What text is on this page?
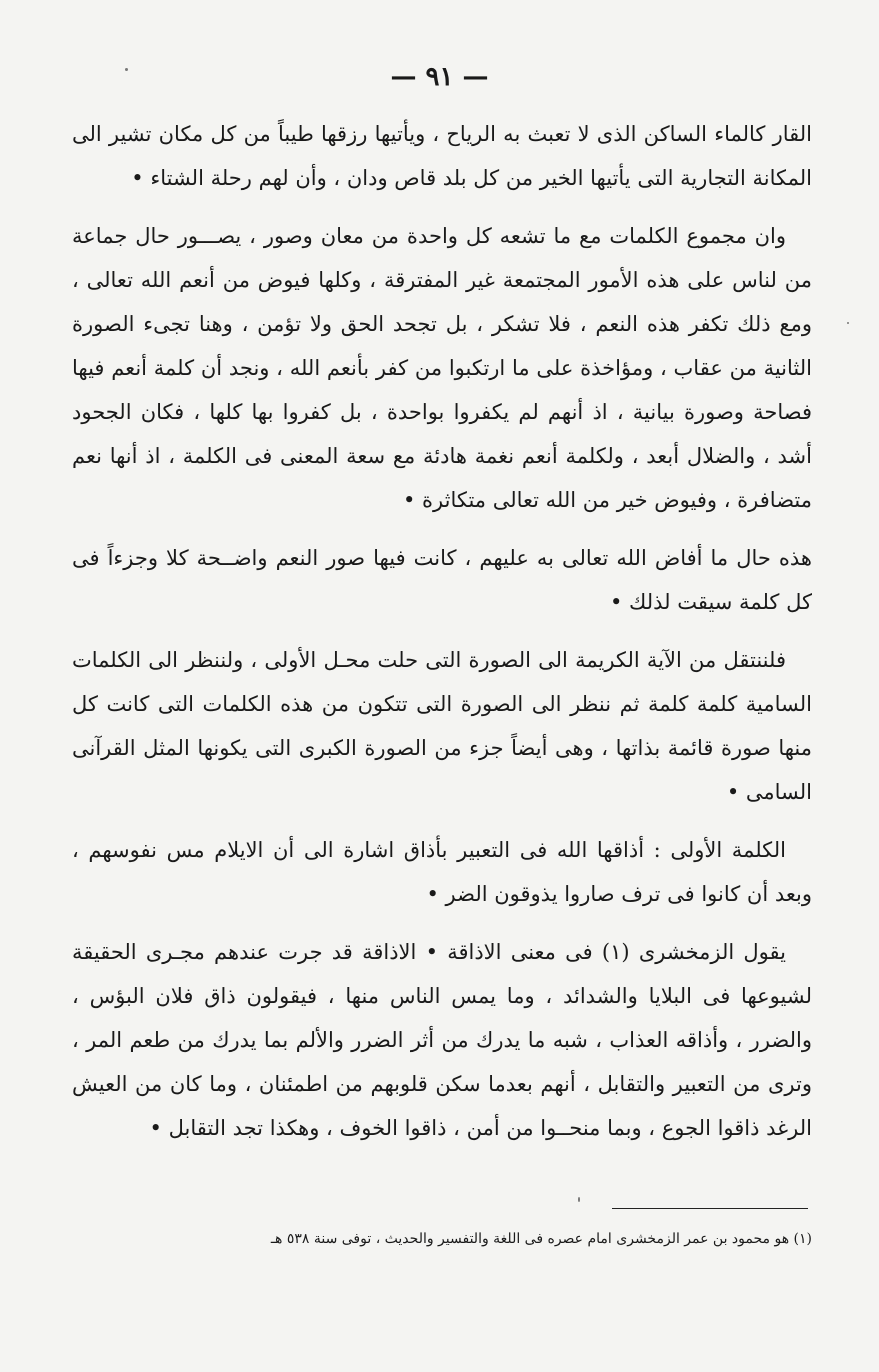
— ٩١ —

القار كالماء الساكن الذى لا تعبث به الرياح ، ويأتيها رزقها طيباً من كل مكان تشير الى المكانة التجارية التى يأتيها الخير من كل بلد قاص ودان ، وأن لهم رحلة الشتاء •

وان مجموع الكلمات مع ما تشعه كل واحدة من معان وصور ، يصـــور حال جماعة من لناس على هذه الأمور المجتمعة غير المفترقة ، وكلها فيوض من أنعم الله تعالى ، ومع ذلك تكفر هذه النعم ، فلا تشكر ، بل تجحد الحق ولا تؤمن ، وهنا تجىء الصورة الثانية من عقاب ، ومؤاخذة على ما ارتكبوا من كفر بأنعم الله ، ونجد أن كلمة أنعم فيها فصاحة وصورة بيانية ، اذ أنهم لم يكفروا بواحدة ، بل كفروا بها كلها ، فكان الجحود أشد ، والضلال أبعد ، ولكلمة أنعم نغمة هادئة مع سعة المعنى فى الكلمة ، اذ أنها نعم متضافرة ، وفيوض خير من الله تعالى متكاثرة •

هذه حال ما أفاض الله تعالى به عليهم ، كانت فيها صور النعم واضــحة كلا وجزءاً فى كل كلمة سيقت لذلك •

فلننتقل من الآية الكريمة الى الصورة التى حلت محـل الأولى ، ولننظر الى الكلمات السامية كلمة كلمة ثم ننظر الى الصورة التى تتكون من هذه الكلمات التى كانت كل منها صورة قائمة بذاتها ، وهى أيضاً جزء من الصورة الكبرى التى يكونها المثل القرآنى السامى •

الكلمة الأولى : أذاقها الله فى التعبير بأذاق اشارة الى أن الايلام مس نفوسهم ، وبعد أن كانوا فى ترف صاروا يذوقون الضر •

يقول الزمخشرى (١) فى معنى الاذاقة • الاذاقة قد جرت عندهم مجـرى الحقيقة لشيوعها فى البلايا والشدائد ، وما يمس الناس منها ، فيقولون ذاق فلان البؤس ، والضرر ، وأذاقه العذاب ، شبه ما يدرك من أثر الضرر والألم بما يدرك من طعم المر ، وترى من التعبير والتقابل ، أنهم بعدما سكن قلوبهم من اطمئنان ، وما كان من العيش الرغد ذاقوا الجوع ، وبما منحــوا من أمن ، ذاقوا الخوف ، وهكذا تجد التقابل •

(١) هو محمود بن عمر الزمخشرى امام عصره فى اللغة والتفسير والحديث ، توفى سنة ٥٣٨ هـ
